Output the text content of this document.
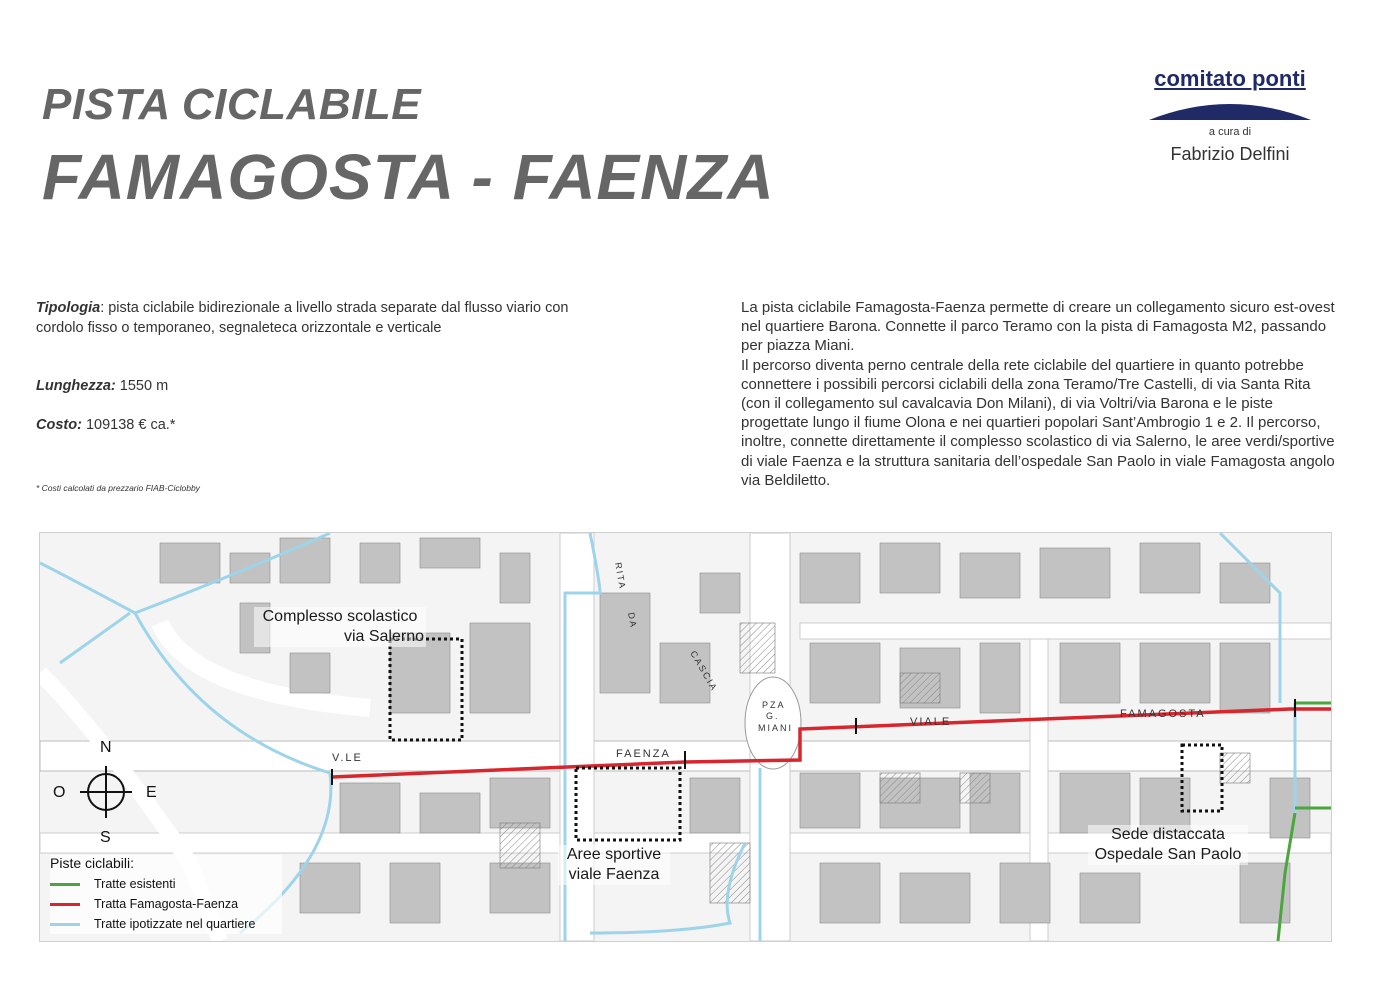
PISTA CICLABILE
FAMAGOSTA - FAENZA
comitato ponti
a cura di
Fabrizio Delfini

Tipologia: pista ciclabile bidirezionale a livello strada separate dal flusso viario con cordolo fisso o temporaneo, segnaleteca orizzontale e verticale

Lunghezza: 1550 m
Costo: 109138 € ca.*
* Costi calcolati da prezzario FIAB-Ciclobby

La pista ciclabile Famagosta-Faenza permette di creare un collegamento sicuro est-ovest nel quartiere Barona. Connette il parco Teramo con la pista di Famagosta M2, passando per piazza Miani.

Il percorso diventa perno centrale della rete ciclabile del quartiere in quanto potrebbe connettere i possibili percorsi ciclabili della zona Teramo/Tre Castelli, di via Santa Rita (con il collegamento sul cavalcavia Don Milani), di via Voltri/via Barona e le piste progettate lungo il fiume Olona e nei quartieri popolari Sant’Ambrogio 1 e 2. Il percorso, inoltre, connette direttamente il complesso scolastico di via Salerno, le aree verdi/sportive di viale Faenza e la struttura sanitaria dell’ospedale San Paolo in viale Famagosta angolo via Beldiletto.

FAENZA
VIALE
FAMAGOSTA
V.LE
PZA
G.
MIANI
RITA
DA
CASCIA
Complesso scolastico
via Salerno
Aree sportive
viale Faenza
Sede distaccata
Ospedale San Paolo
N
S
E
O
Piste ciclabili:
Tratte esistenti
Tratta Famagosta-Faenza
Tratte ipotizzate nel quartiere
